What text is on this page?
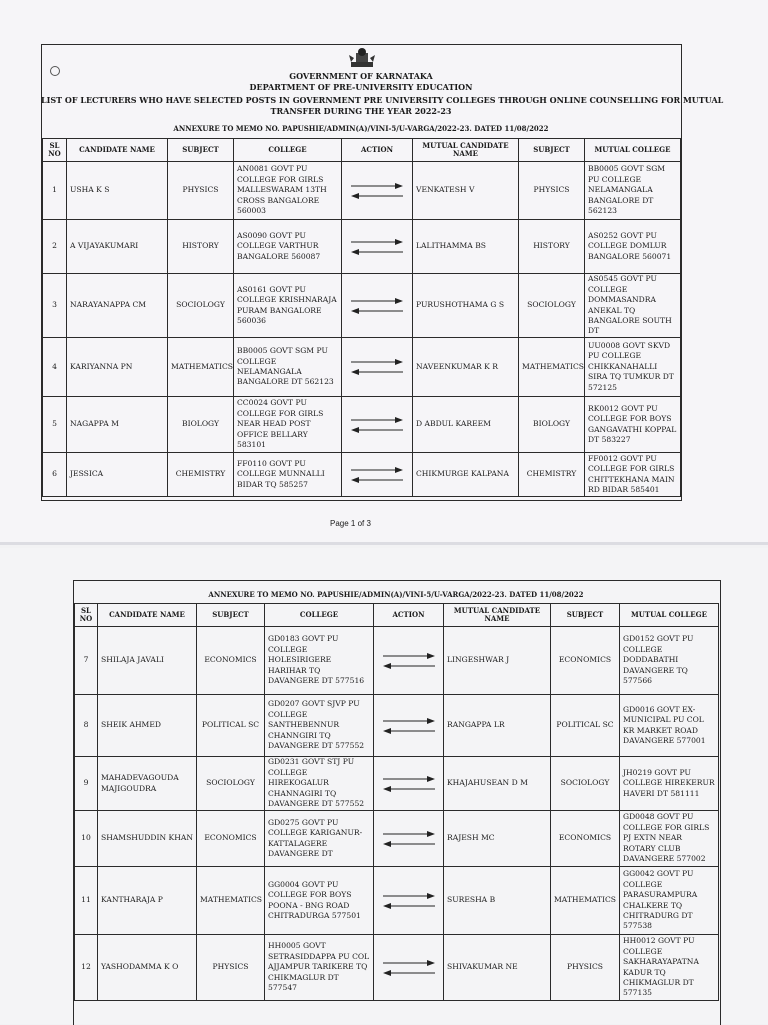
GOVERNMENT OF KARNATAKA
DEPARTMENT OF PRE-UNIVERSITY EDUCATION
LIST OF LECTURERS WHO HAVE SELECTED POSTS IN GOVERNMENT PRE UNIVERSITY COLLEGES THROUGH ONLINE COUNSELLING FOR MUTUAL
TRANSFER DURING THE YEAR 2022-23
ANNEXURE TO MEMO NO. PAPUSHIE/ADMIN(A)/VINI-5/U-VARGA/2022-23. DATED 11/08/2022
SL NO	CANDIDATE NAME	SUBJECT	COLLEGE	ACTION	MUTUAL CANDIDATE NAME	SUBJECT	MUTUAL COLLEGE
1	USHA K S	PHYSICS	AN0081 GOVT PU COLLEGE FOR GIRLS MALLESWARAM 13TH CROSS BANGALORE 560003		VENKATESH V	PHYSICS	BB0005 GOVT SGM PU COLLEGE NELAMANGALA BANGALORE DT 562123
2	A VIJAYAKUMARI	HISTORY	AS0090 GOVT PU COLLEGE VARTHUR BANGALORE 560087		LALITHAMMA BS	HISTORY	AS0252 GOVT PU COLLEGE DOMLUR BANGALORE 560071
3	NARAYANAPPA CM	SOCIOLOGY	AS0161 GOVT PU COLLEGE KRISHNARAJA PURAM BANGALORE 560036		PURUSHOTHAMA G S	SOCIOLOGY	AS0545 GOVT PU COLLEGE DOMMASANDRA ANEKAL TQ BANGALORE SOUTH DT
4	KARIYANNA PN	MATHEMATICS	BB0005 GOVT SGM PU COLLEGE NELAMANGALA BANGALORE DT 562123		NAVEENKUMAR K R	MATHEMATICS	UU0008 GOVT SKVD PU COLLEGE CHIKKANAHALLI SIRA TQ TUMKUR DT 572125
5	NAGAPPA M	BIOLOGY	CC0024 GOVT PU COLLEGE FOR GIRLS NEAR HEAD POST OFFICE BELLARY 583101		D ABDUL KAREEM	BIOLOGY	RK0012 GOVT PU COLLEGE FOR BOYS GANGAVATHI KOPPAL DT 583227
6	JESSICA	CHEMISTRY	FF0110 GOVT PU COLLEGE MUNNALLI BIDAR TQ 585257		CHIKMURGE KALPANA	CHEMISTRY	FF0012 GOVT PU COLLEGE FOR GIRLS CHITTEKHANA MAIN RD BIDAR 585401
Page 1 of 3
ANNEXURE TO MEMO NO. PAPUSHIE/ADMIN(A)/VINI-5/U-VARGA/2022-23. DATED 11/08/2022
SL NO	CANDIDATE NAME	SUBJECT	COLLEGE	ACTION	MUTUAL CANDIDATE NAME	SUBJECT	MUTUAL COLLEGE
7	SHILAJA JAVALI	ECONOMICS	GD0183 GOVT PU COLLEGE HOLESIRIGERE HARIHAR TQ DAVANGERE DT 577516		LINGESHWAR J	ECONOMICS	GD0152 GOVT PU COLLEGE DODDABATHI DAVANGERE TQ 577566
8	SHEIK AHMED	POLITICAL SC	GD0207 GOVT SJVP PU COLLEGE SANTHEBENNUR CHANNGIRI TQ DAVANGERE DT 577552		RANGAPPA LR	POLITICAL SC	GD0016 GOVT EX-MUNICIPAL PU COL KR MARKET ROAD DAVANGERE 577001
9	MAHADEVAGOUDA MAJIGOUDRA	SOCIOLOGY	GD0231 GOVT STJ PU COLLEGE HIREKOGALUR CHANNAGIRI TQ DAVANGERE DT 577552		KHAJAHUSEAN D M	SOCIOLOGY	JH0219 GOVT PU COLLEGE HIREKERUR HAVERI DT 581111
10	SHAMSHUDDIN KHAN	ECONOMICS	GD0275 GOVT PU COLLEGE KARIGANUR-KATTALAGERE DAVANGERE DT		RAJESH MC	ECONOMICS	GD0048 GOVT PU COLLEGE FOR GIRLS PJ EXTN NEAR ROTARY CLUB DAVANGERE 577002
11	KANTHARAJA P	MATHEMATICS	GG0004 GOVT PU COLLEGE FOR BOYS POONA - BNG ROAD CHITRADURGA 577501		SURESHA B	MATHEMATICS	GG0042 GOVT PU COLLEGE PARASURAMPURA CHALKERE TQ CHITRADURG DT 577538
12	YASHODAMMA K O	PHYSICS	HH0005 GOVT SETRASIDDAPPA PU COL AJJAMPUR TARIKERE TQ CHIKMAGLUR DT 577547		SHIVAKUMAR NE	PHYSICS	HH0012 GOVT PU COLLEGE SAKHARAYAPATNA KADUR TQ CHIKMAGLUR DT 577135
